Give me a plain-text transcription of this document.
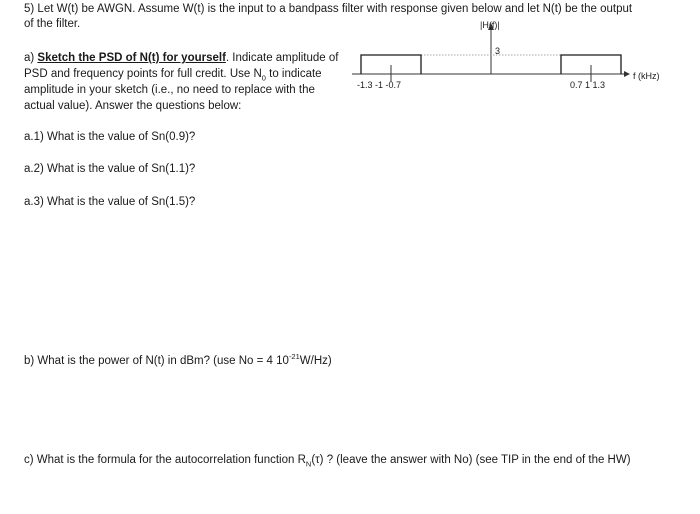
5) Let W(t) be AWGN. Assume W(t) is the input to a bandpass filter with response given below and let N(t) be the output
of the filter.
a) Sketch the PSD of N(t) for yourself. Indicate amplitude of PSD and frequency points for full credit. Use $N_0$ to indicate amplitude in your sketch (i.e., no need to replace with the actual value). Answer the questions below:
a.1) What is the value of Sn(0.9)?
a.2) What is the value of Sn(1.1)?
a.3) What is the value of Sn(1.5)?
b) What is the power of N(t) in dBm? (use No = 4 $10^{-21}W/Hz$)
c) What is the formula for the autocorrelation function $R_N(\tau)$ ? (leave the answer with No) (see TIP in the end of the HW)
|H(f)|
3
f (kHz)
-1.3 -1 -0.7	0.7 1 1.3
